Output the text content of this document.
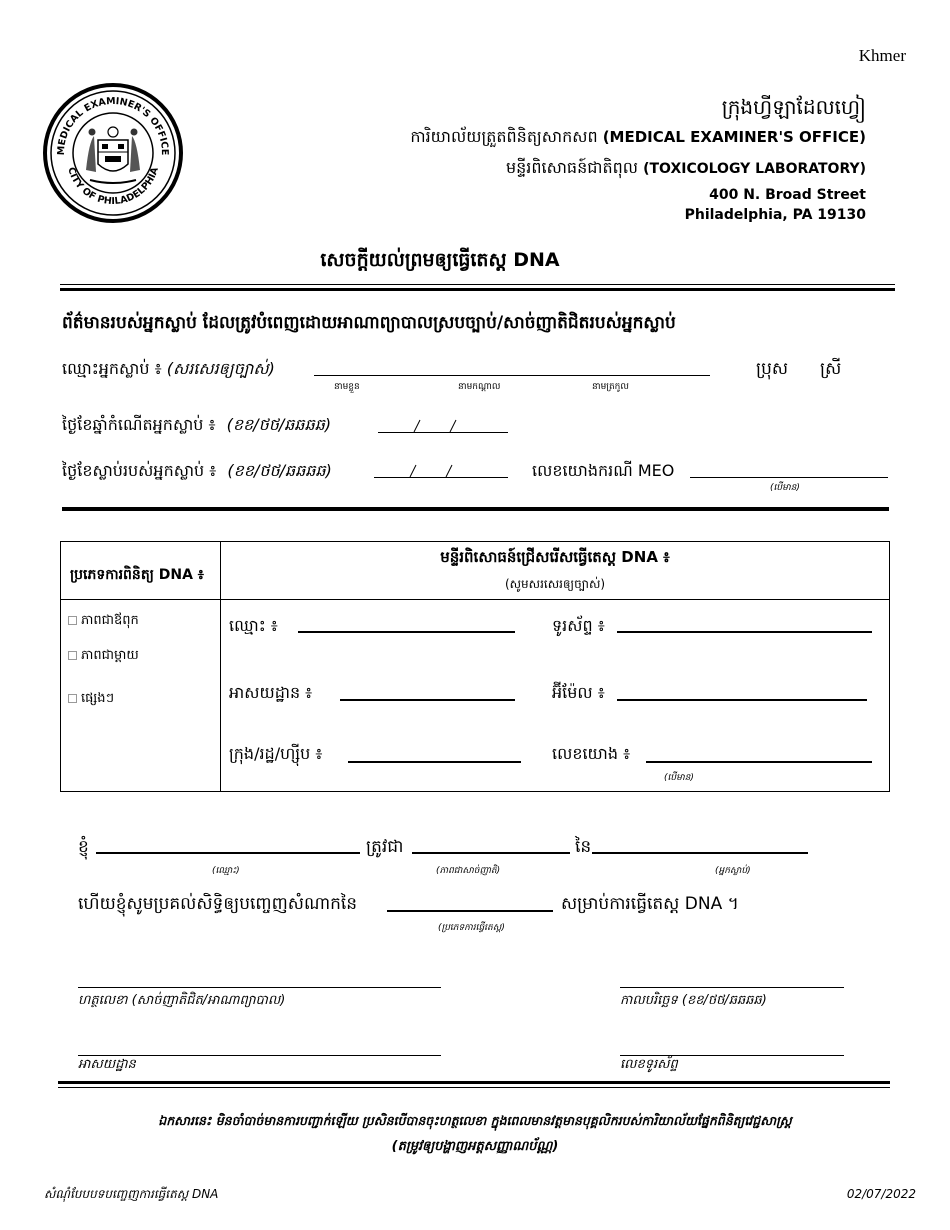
Khmer
MEDICAL EXAMINER'S OFFICE
CITY OF PHILADELPHIA
ក្រុងហ្វីឡាដែលហ្វៀ
ការិយាល័យត្រួតពិនិត្យសាកសព (MEDICAL EXAMINER'S OFFICE)
មន្ទីរពិសោធន៍ជាតិពុល (TOXICOLOGY LABORATORY)
400 N. Broad Street
Philadelphia, PA 19130
សេចក្តីយល់ព្រមឲ្យធ្វើតេស្ត DNA
ព័ត៌មានរបស់អ្នកស្លាប់ ដែលត្រូវបំពេញដោយអាណាព្យាបាលស្របច្បាប់/សាច់ញាតិជិតរបស់អ្នកស្លាប់
ឈ្មោះអ្នកស្លាប់ ៖ (សរសេរឲ្យច្បាស់)
នាមខ្លួន	នាមកណ្តាល	នាមត្រកូល
ប្រុស ស្រី
ថ្ងៃខែឆ្នាំកំណើតអ្នកស្លាប់ ៖ (ខខ/ថថ/ឆឆឆឆ)
ថ្ងៃខែស្លាប់របស់អ្នកស្លាប់ ៖ (ខខ/ថថ/ឆឆឆឆ)	លេខយោងករណី MEO
(បើមាន)
ប្រភេទការពិនិត្យ DNA ៖
មន្ទីរពិសោធន៍ជ្រើសរើសធ្វើតេស្ត DNA ៖
(សូមសរសេរឲ្យច្បាស់)
ភាពជាឪពុក
ភាពជាម្តាយ
ផ្សេងៗ
ឈ្មោះ ៖	ទូរស័ព្ទ ៖
អាសយដ្ឋាន ៖	អ៊ីម៉ែល ៖
ក្រុង/រដ្ឋ/ហ្ស៊ីប ៖	លេខយោង ៖
(បើមាន)
ខ្ញុំ	ត្រូវជា	នៃ
(ឈ្មោះ)	(ភាពជាសាច់ញាតិ)	(អ្នកស្លាប់)
ហើយខ្ញុំសូមប្រគល់សិទ្ធិឲ្យបញ្ចេញសំណាកនៃ	សម្រាប់ការធ្វើតេស្ត DNA ។
(ប្រភេទការធ្វើតេស្ត)
ហត្ថលេខា (សាច់ញាតិជិត/អាណាព្យាបាល)	កាលបរិច្ឆេទ (ខខ/ថថ/ឆឆឆឆ)
អាសយដ្ឋាន	លេខទូរស័ព្ទ
ឯកសារនេះ មិនចាំបាច់មានការបញ្ជាក់ឡើយ ប្រសិនបើបានចុះហត្ថលេខា ក្នុងពេលមានវត្តមានបុគ្គលិករបស់ការិយាល័យផ្នែកពិនិត្យវេជ្ជសាស្ត្រ
(តម្រូវឲ្យបង្ហាញអត្តសញ្ញាណប័ណ្ណ)
សំណុំបែបបទបញ្ចេញការធ្វើតេស្ត DNA	02/07/2022
